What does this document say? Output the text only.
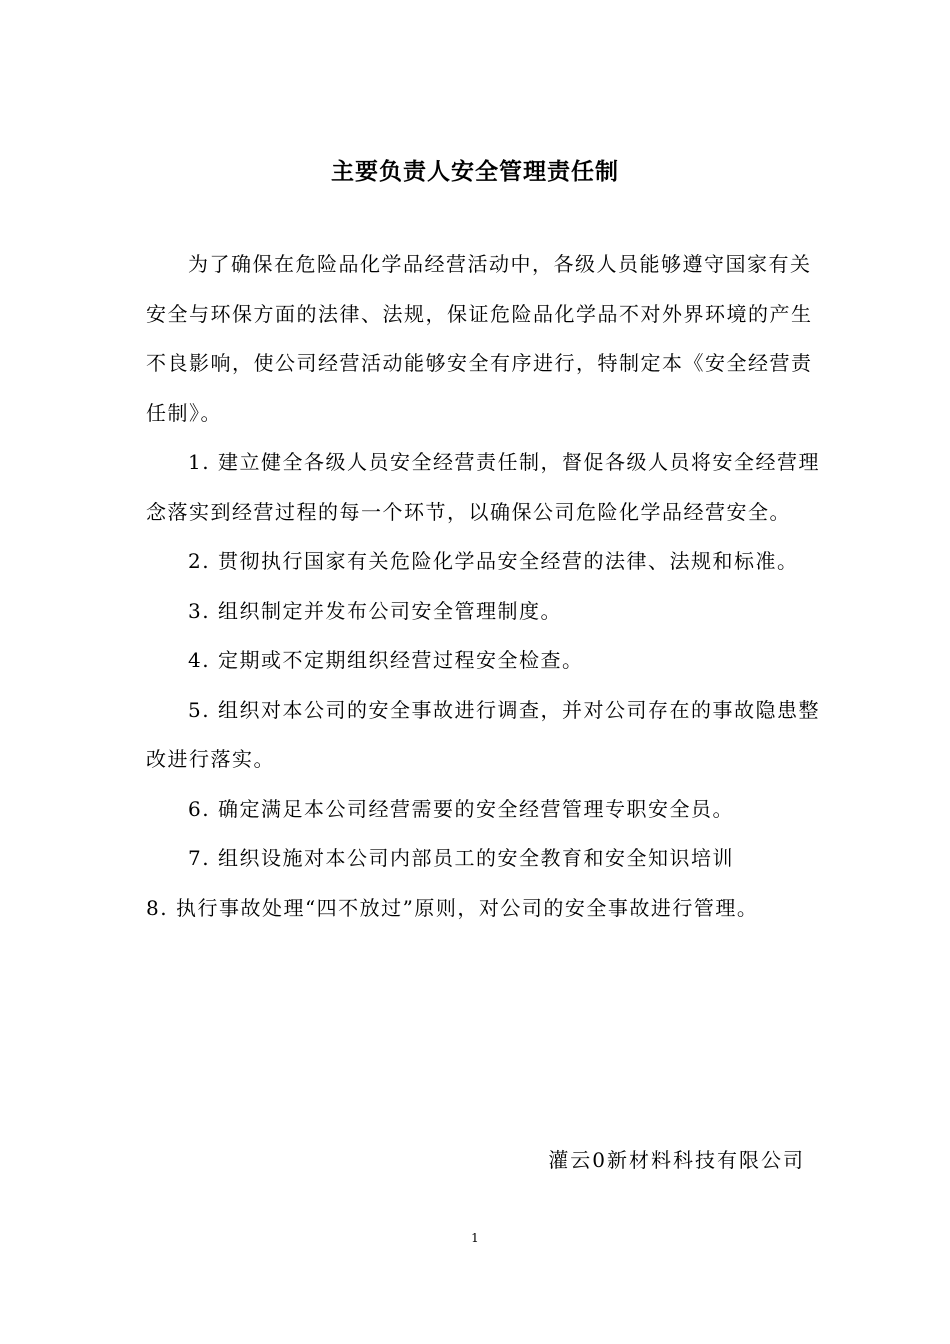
主要负责人安全管理责任制

为了确保在危险品化学品经营活动中，各级人员能够遵守国家有关安全与环保方面的法律、法规，保证危险品化学品不对外界环境的产生不良影响，使公司经营活动能够安全有序进行，特制定本《安全经营责任制》。

1. 建立健全各级人员安全经营责任制，督促各级人员将安全经营理念落实到经营过程的每一个环节，以确保公司危险化学品经营安全。

2. 贯彻执行国家有关危险化学品安全经营的法律、法规和标准。

3. 组织制定并发布公司安全管理制度。

4. 定期或不定期组织经营过程安全检查。

5. 组织对本公司的安全事故进行调查，并对公司存在的事故隐患整改进行落实。

6. 确定满足本公司经营需要的安全经营管理专职安全员。

7. 组织设施对本公司内部员工的安全教育和安全知识培训

8. 执行事故处理“四不放过”原则，对公司的安全事故进行管理。

灌云0新材料科技有限公司
1
